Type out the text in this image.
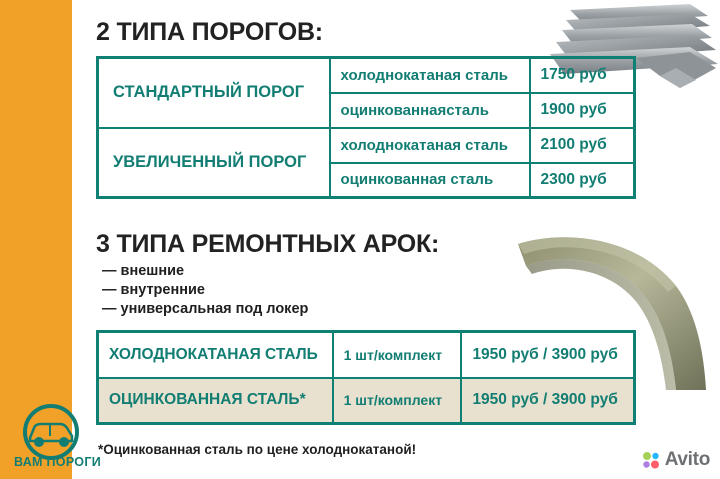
2 ТИПА ПОРОГОВ:
СТАНДАРТНЫЙ ПОРОГ	холоднокатаная сталь	1750 руб
	оцинкованнаясталь	1900 руб
УВЕЛИЧЕННЫЙ ПОРОГ	холоднокатаная сталь	2100 руб
	оцинкованная сталь	2300 руб
3 ТИПА РЕМОНТНЫХ АРОК:
— внешние
— внутренние
— универсальная под локер
ХОЛОДНОКАТАНАЯ СТАЛЬ	1 шт/комплект	1950 руб / 3900 руб
ОЦИНКОВАННАЯ СТАЛЬ*	1 шт/комплект	1950 руб / 3900 руб
*Оцинкованная сталь по цене холоднокатаной!
ВАМ ПОРОГИ	Avito
